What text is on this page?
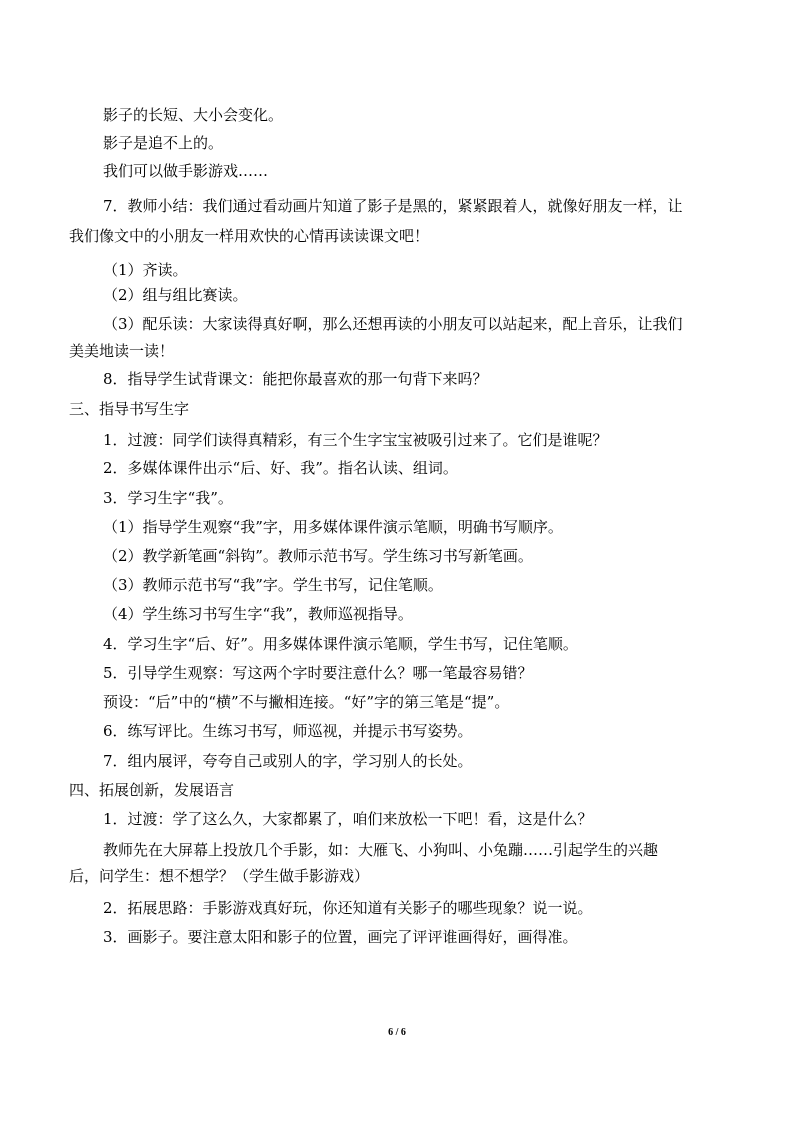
影子的长短、大小会变化。
影子是追不上的。
我们可以做手影游戏……
7．教师小结：我们通过看动画片知道了影子是黑的，紧紧跟着人，就像好朋友一样，让
我们像文中的小朋友一样用欢快的心情再读读课文吧！
（1）齐读。
（2）组与组比赛读。
（3）配乐读：大家读得真好啊，那么还想再读的小朋友可以站起来，配上音乐，让我们
美美地读一读！
8．指导学生试背课文：能把你最喜欢的那一句背下来吗？
三、指导书写生字
1．过渡：同学们读得真精彩，有三个生字宝宝被吸引过来了。它们是谁呢？
2．多媒体课件出示“后、好、我”。指名认读、组词。
3．学习生字“我”。
（1）指导学生观察“我”字，用多媒体课件演示笔顺，明确书写顺序。
（2）教学新笔画“斜钩”。教师示范书写。学生练习书写新笔画。
（3）教师示范书写“我”字。学生书写，记住笔顺。
（4）学生练习书写生字“我”，教师巡视指导。
4．学习生字“后、好”。用多媒体课件演示笔顺，学生书写，记住笔顺。
5．引导学生观察：写这两个字时要注意什么？哪一笔最容易错？
预设：“后”中的“横”不与撇相连接。“好”字的第三笔是“提”。
6．练写评比。生练习书写，师巡视，并提示书写姿势。
7．组内展评，夸夸自己或别人的字，学习别人的长处。
四、拓展创新，发展语言
1．过渡：学了这么久，大家都累了，咱们来放松一下吧！看，这是什么？
教师先在大屏幕上投放几个手影，如：大雁飞、小狗叫、小兔蹦……引起学生的兴趣
后，问学生：想不想学？（学生做手影游戏）
2．拓展思路：手影游戏真好玩，你还知道有关影子的哪些现象？说一说。
3．画影子。要注意太阳和影子的位置，画完了评评谁画得好，画得准。
6 / 6
